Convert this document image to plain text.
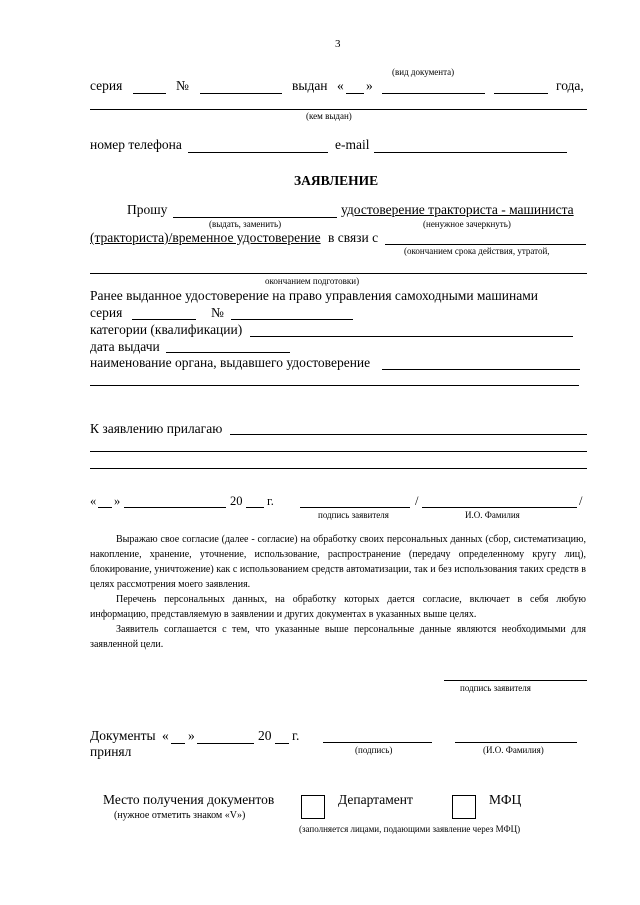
3
(вид документа)
серия	№	выдан « »	года,
(кем выдан)
номер телефона	e-mail
ЗАЯВЛЕНИЕ
Прошу	удостоверение тракториста - машиниста
(выдать, заменить)	(ненужное зачеркнуть)
(тракториста)/временное удостоверение в связи с
(окончанием срока действия, утратой,
окончанием подготовки)
Ранее выданное удостоверение на право управления самоходными машинами
серия	№
категории (квалификации)
дата выдачи
наименование органа, выдавшего удостоверение
К заявлению прилагаю
« »	20 г.	/	/
подпись заявителя	И.О. Фамилия
Выражаю свое согласие (далее - согласие) на обработку своих персональных данных (сбор, систематизацию, накопление, хранение, уточнение, использование, распространение (передачу определенному кругу лиц), блокирование, уничтожение) как с использованием средств автоматизации, так и без использования таких средств в целях рассмотрения моего заявления.
Перечень персональных данных, на обработку которых дается согласие, включает в себя любую информацию, представляемую в заявлении и других документах в указанных выше целях.
Заявитель соглашается с тем, что указанные выше персональные данные являются необходимыми для заявленной цели.
подпись заявителя
Документы
принял
« »	20 г.
(подпись)	(И.О. Фамилия)
Место получения документов
(нужное отметить знаком «V»)
Департамент	МФЦ
(заполняется лицами, подающими заявление через МФЦ)
